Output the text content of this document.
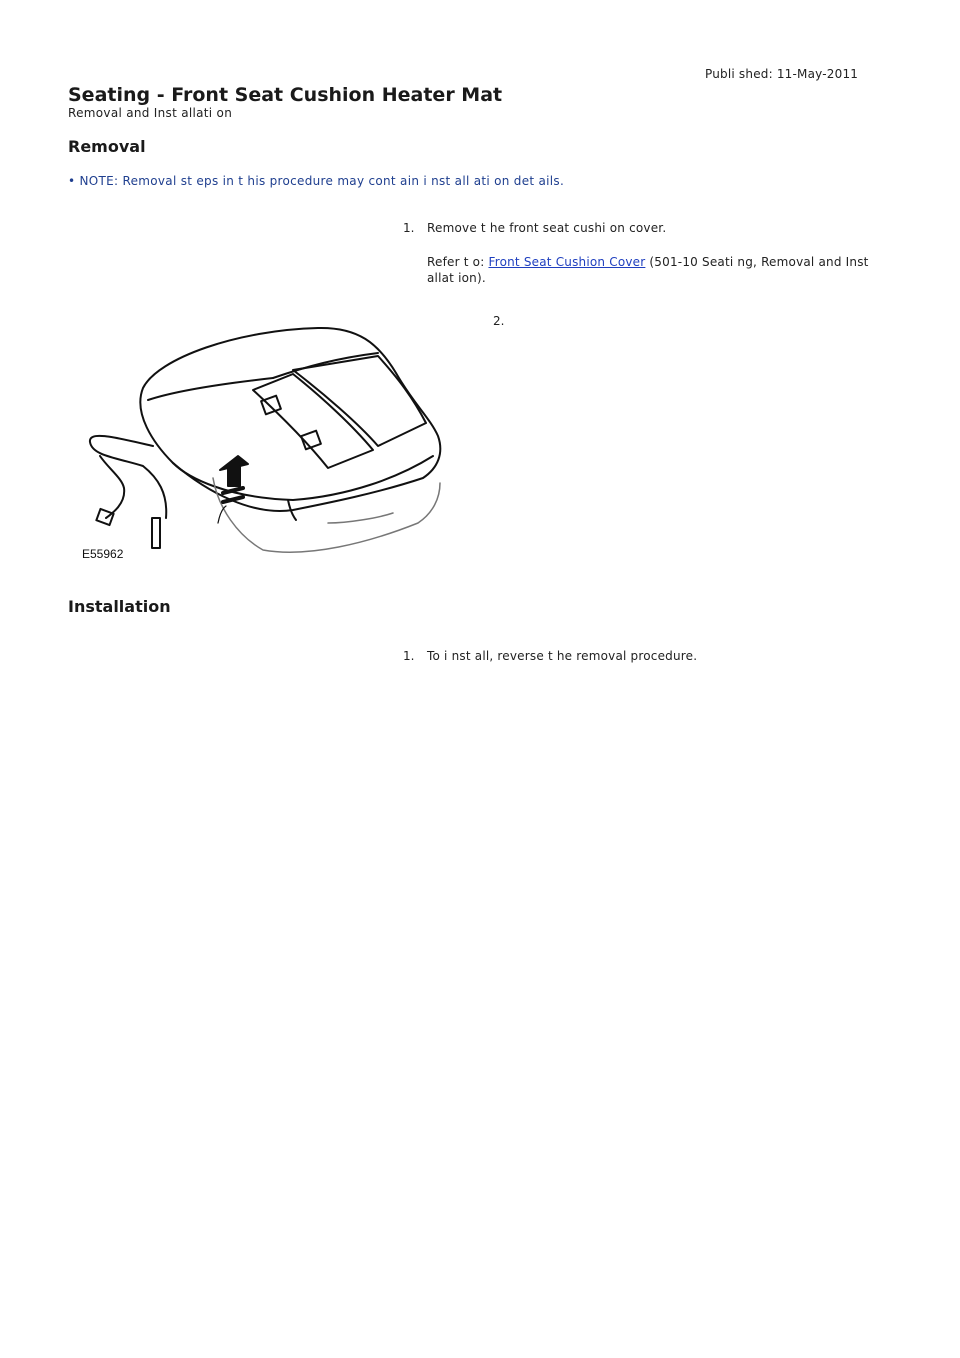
Publi shed: 11-May-2011
Seating - Front Seat Cushion Heater Mat
Removal and Inst allati on
Removal
• NOTE: Removal st eps in t his procedure may cont ain i nst all ati on det ails.
1. Remove t he front seat cushi on cover.
Refer t o: Front Seat Cushion Cover (501-10 Seati ng, Removal and Inst allat ion).
2.
E55962
Installation
1. To i nst all, reverse t he removal procedure.
